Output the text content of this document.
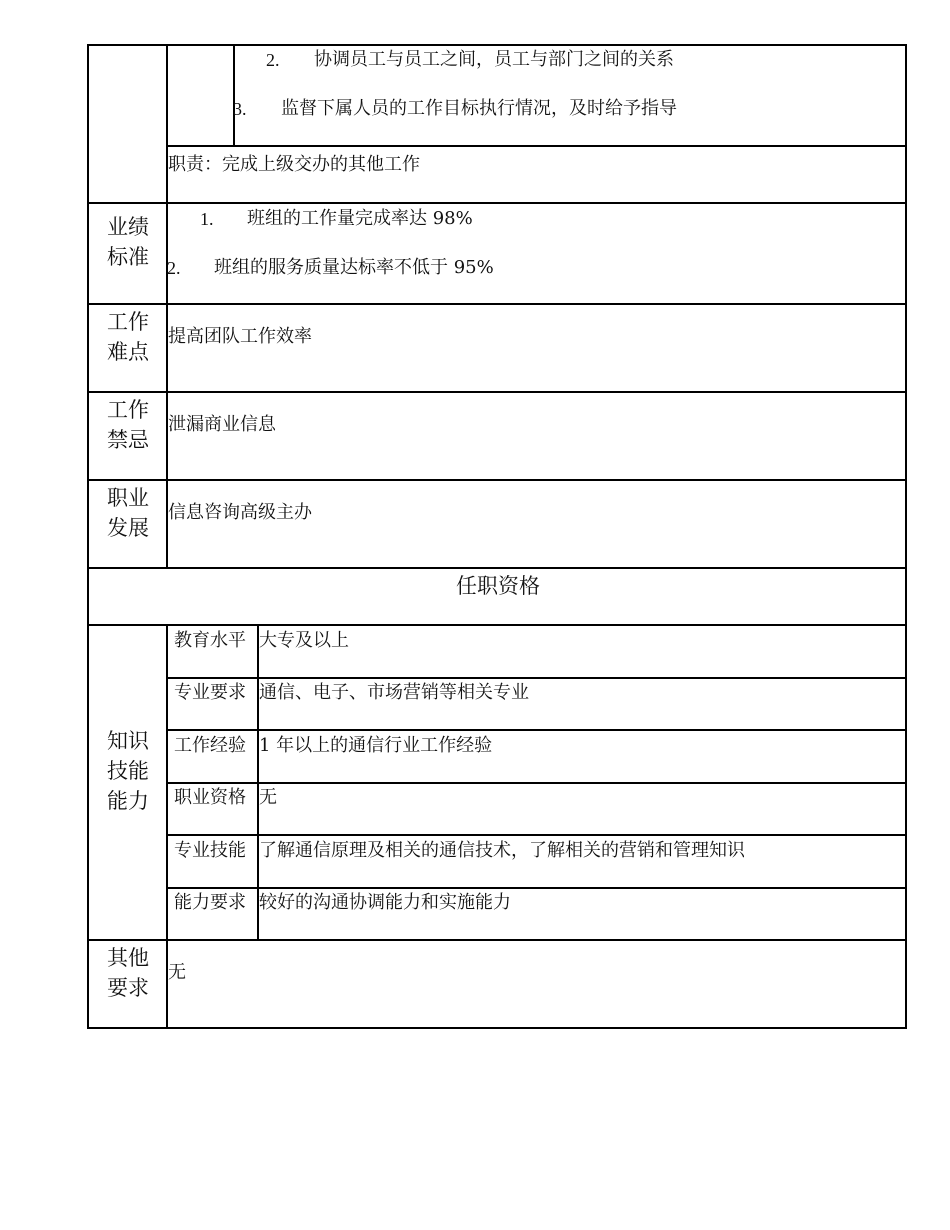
2. 协调员工与员工之间，员工与部门之间的关系
3. 监督下属人员的工作目标执行情况，及时给予指导
职责：完成上级交办的其他工作
业绩
标准
1. 班组的工作量完成率达 98%
2. 班组的服务质量达标率不低于 95%
工作
难点
提高团队工作效率
工作
禁忌
泄漏商业信息
职业
发展
信息咨询高级主办
任职资格
知识
技能
能力
教育水平 大专及以上
专业要求 通信、电子、市场营销等相关专业
工作经验 1 年以上的通信行业工作经验
职业资格 无
专业技能 了解通信原理及相关的通信技术，了解相关的营销和管理知识
能力要求 较好的沟通协调能力和实施能力
其他
要求
无
